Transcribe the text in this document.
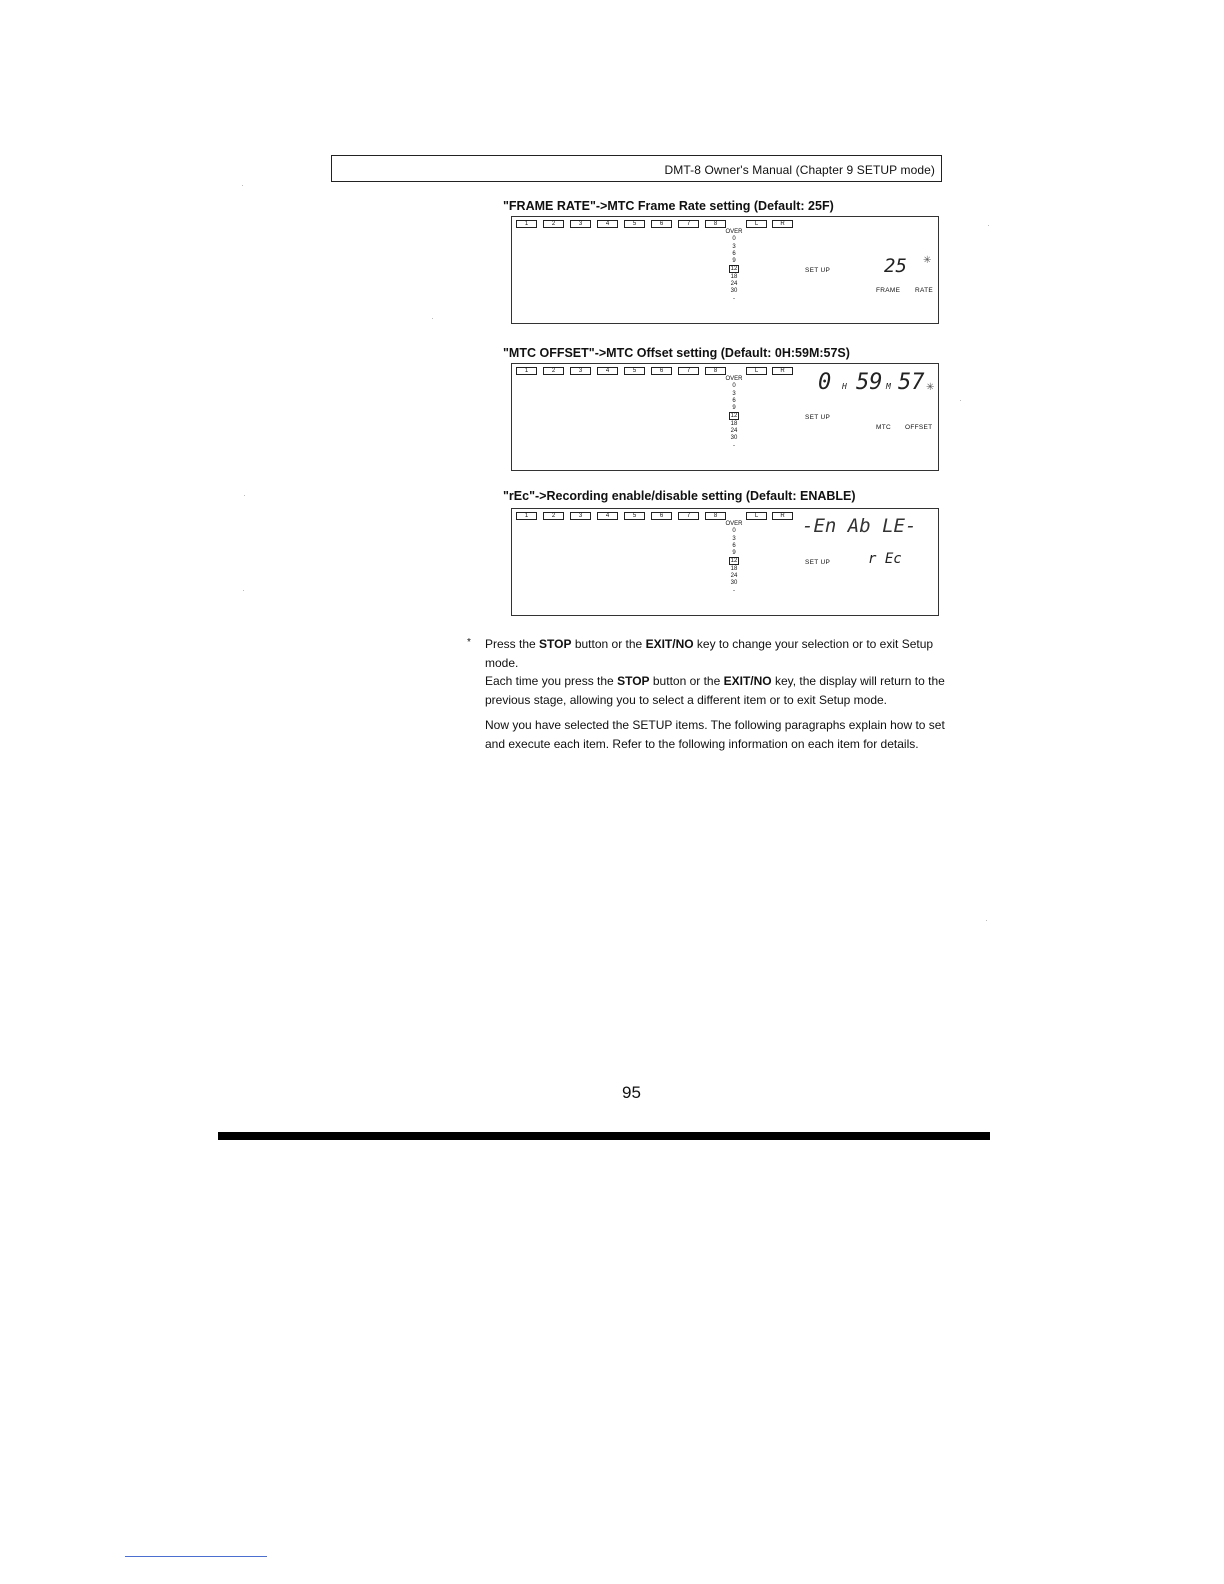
DMT-8 Owner's Manual (Chapter 9 SETUP mode)
"FRAME RATE"->MTC Frame Rate setting (Default: 25F)
1	2	3	4	5	6	7	8	L	R
OVER
0
3
6
9
12
18
24
30
-
SET UP	25 ✳
FRAME RATE
"MTC OFFSET"->MTC Offset setting (Default: 0H:59M:57S)
1	2	3	4	5	6	7	8	L	R
OVER
0
3
6
9
12
18
24
30
-
0 H 59 M 57 ✳
SET UP
MTC OFFSET
"rEc"->Recording enable/disable setting (Default: ENABLE)
1	2	3	4	5	6	7	8	L	R
OVER
0
3
6
9
12
18
24
30
-
-En Ab LE-
SET UP	r Ec
* Press the STOP button or the EXIT/NO key to change your selection or to exit Setup mode.
Each time you press the STOP button or the EXIT/NO key, the display will return to the previous stage, allowing you to select a different item or to exit Setup mode.
Now you have selected the SETUP items. The following paragraphs explain how to set and execute each item. Refer to the following information on each item for details.
95
